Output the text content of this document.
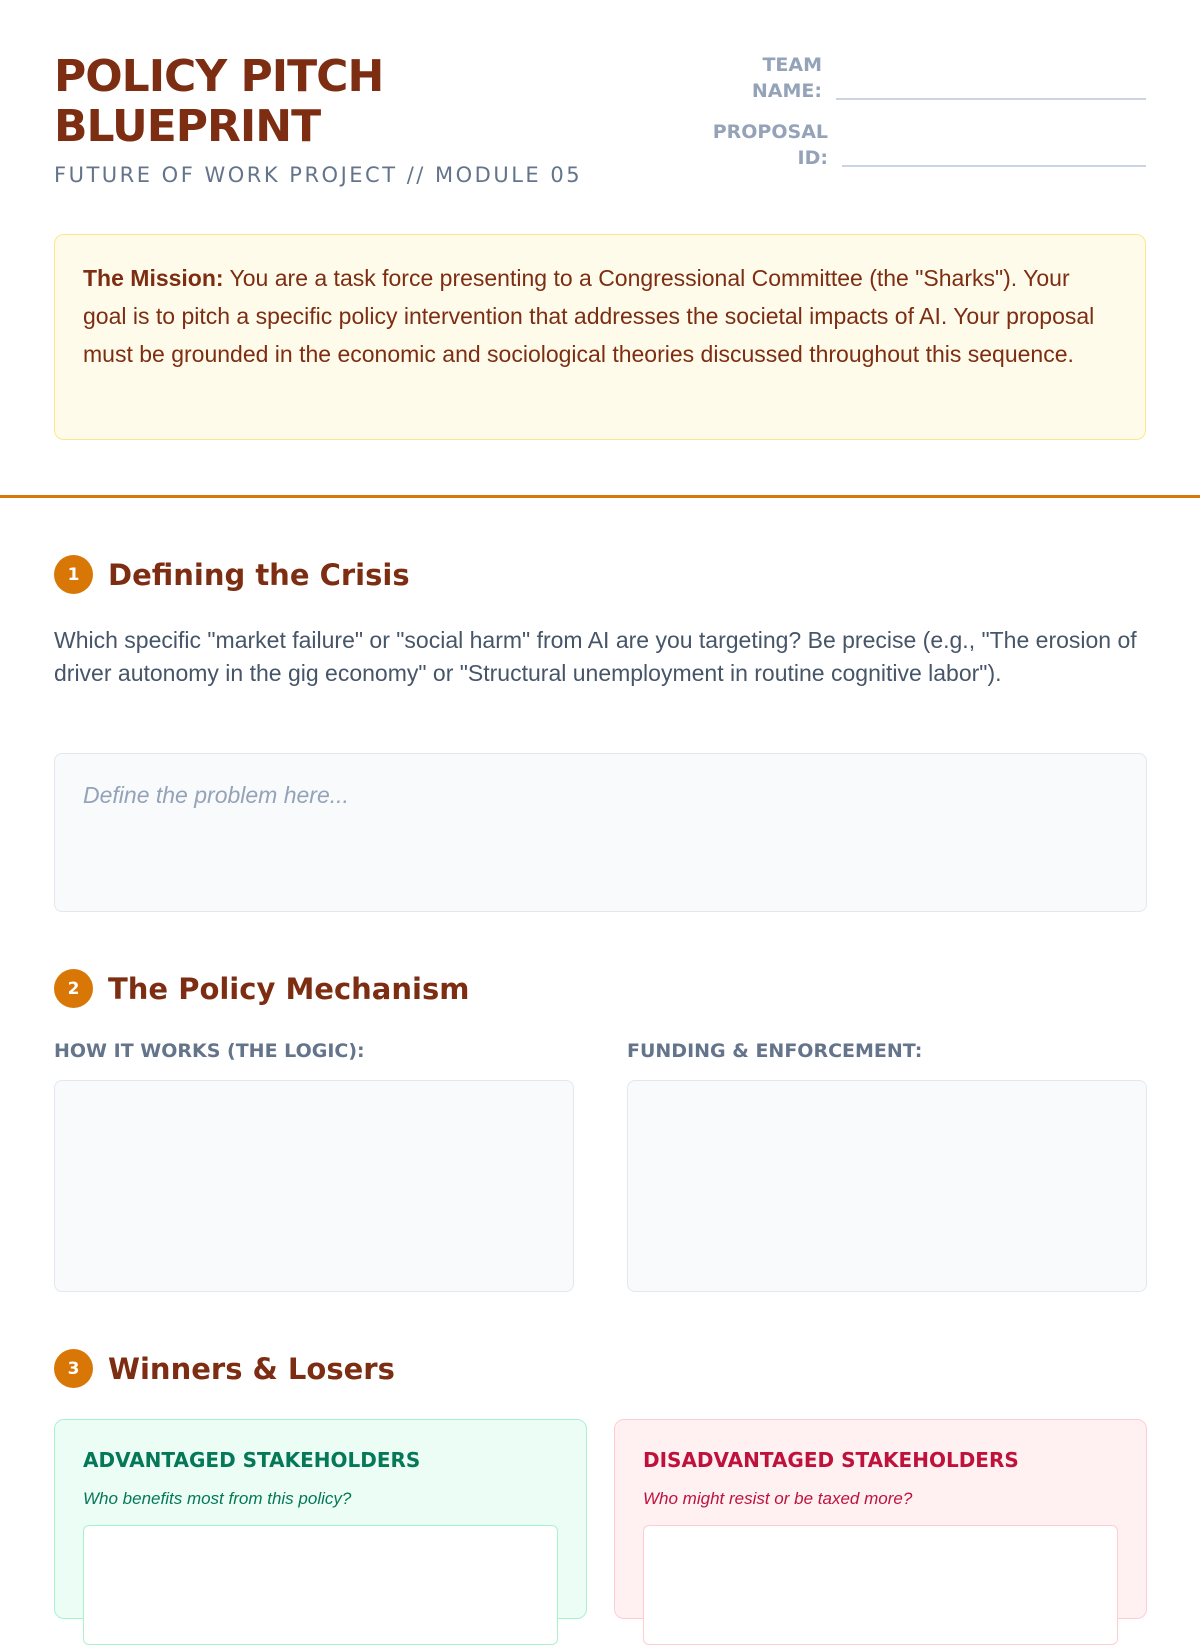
POLICY PITCH BLUEPRINT
FUTURE OF WORK PROJECT // MODULE 05
TEAM NAME:
PROPOSAL ID:
The Mission: You are a task force presenting to a Congressional Committee (the "Sharks"). Your goal is to pitch a specific policy intervention that addresses the societal impacts of AI. Your proposal must be grounded in the economic and sociological theories discussed throughout this sequence.
1 Defining the Crisis
Which specific "market failure" or "social harm" from AI are you targeting? Be precise (e.g., "The erosion of driver autonomy in the gig economy" or "Structural unemployment in routine cognitive labor").
Define the problem here...
2 The Policy Mechanism
HOW IT WORKS (THE LOGIC):	FUNDING & ENFORCEMENT:
3 Winners & Losers
ADVANTAGED STAKEHOLDERS
Who benefits most from this policy?
DISADVANTAGED STAKEHOLDERS
Who might resist or be taxed more?
